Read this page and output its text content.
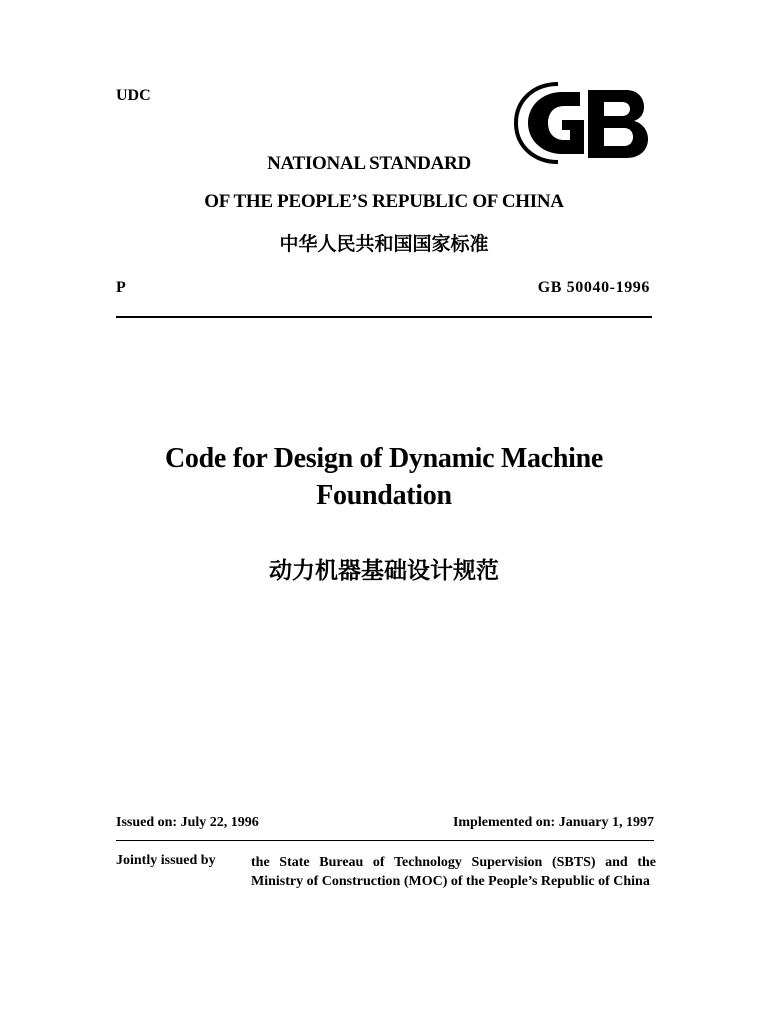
UDC
NATIONAL STANDARD
OF THE PEOPLE’S REPUBLIC OF CHINA
中华人民共和国国家标准
P	GB 50040-1996
Code for Design of Dynamic Machine Foundation
动力机器基础设计规范
Issued on: July 22, 1996	Implemented on: January 1, 1997
Jointly issued by	the State Bureau of Technology Supervision (SBTS) and the Ministry of Construction (MOC) of the People’s Republic of China
